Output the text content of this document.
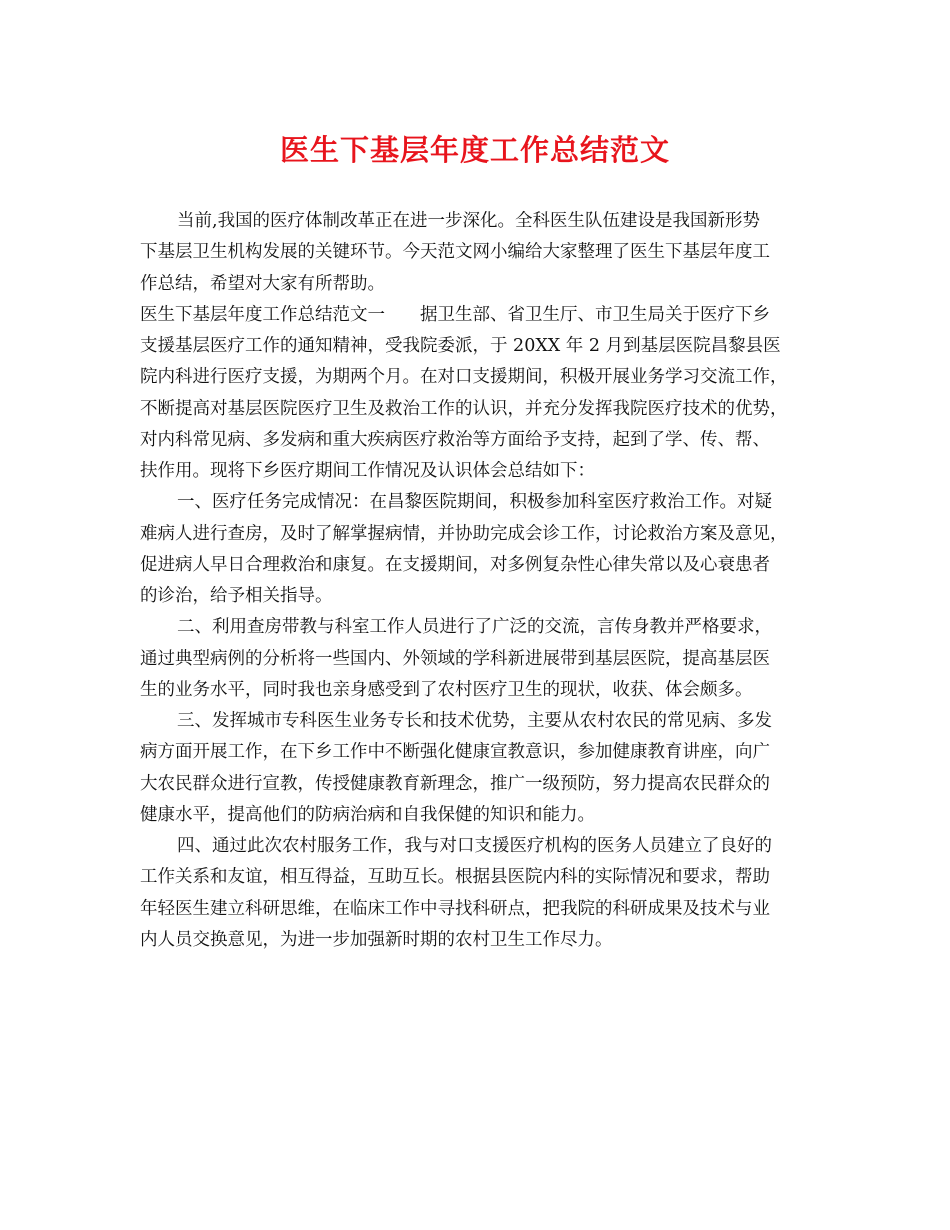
医生下基层年度工作总结范文

当前,我国的医疗体制改革正在进一步深化。全科医生队伍建设是我国新形势

下基层卫生机构发展的关键环节。今天范文网小编给大家整理了医生下基层年度工

作总结，希望对大家有所帮助。

医生下基层年度工作总结范文一　　据卫生部、省卫生厅、市卫生局关于医疗下乡

支援基层医疗工作的通知精神，受我院委派，于 20XX 年 2 月到基层医院昌黎县医

院内科进行医疗支援，为期两个月。在对口支援期间，积极开展业务学习交流工作，

不断提高对基层医院医疗卫生及救治工作的认识，并充分发挥我院医疗技术的优势，

对内科常见病、多发病和重大疾病医疗救治等方面给予支持，起到了学、传、帮、

扶作用。现将下乡医疗期间工作情况及认识体会总结如下：

一、医疗任务完成情况：在昌黎医院期间，积极参加科室医疗救治工作。对疑

难病人进行查房，及时了解掌握病情，并协助完成会诊工作，讨论救治方案及意见，

促进病人早日合理救治和康复。在支援期间，对多例复杂性心律失常以及心衰患者

的诊治，给予相关指导。

二、利用查房带教与科室工作人员进行了广泛的交流，言传身教并严格要求，

通过典型病例的分析将一些国内、外领域的学科新进展带到基层医院，提高基层医

生的业务水平，同时我也亲身感受到了农村医疗卫生的现状，收获、体会颇多。

三、发挥城市专科医生业务专长和技术优势，主要从农村农民的常见病、多发

病方面开展工作，在下乡工作中不断强化健康宣教意识，参加健康教育讲座，向广

大农民群众进行宣教，传授健康教育新理念，推广一级预防，努力提高农民群众的

健康水平，提高他们的防病治病和自我保健的知识和能力。

四、通过此次农村服务工作，我与对口支援医疗机构的医务人员建立了良好的

工作关系和友谊，相互得益，互助互长。根据县医院内科的实际情况和要求，帮助

年轻医生建立科研思维，在临床工作中寻找科研点，把我院的科研成果及技术与业

内人员交换意见，为进一步加强新时期的农村卫生工作尽力。
